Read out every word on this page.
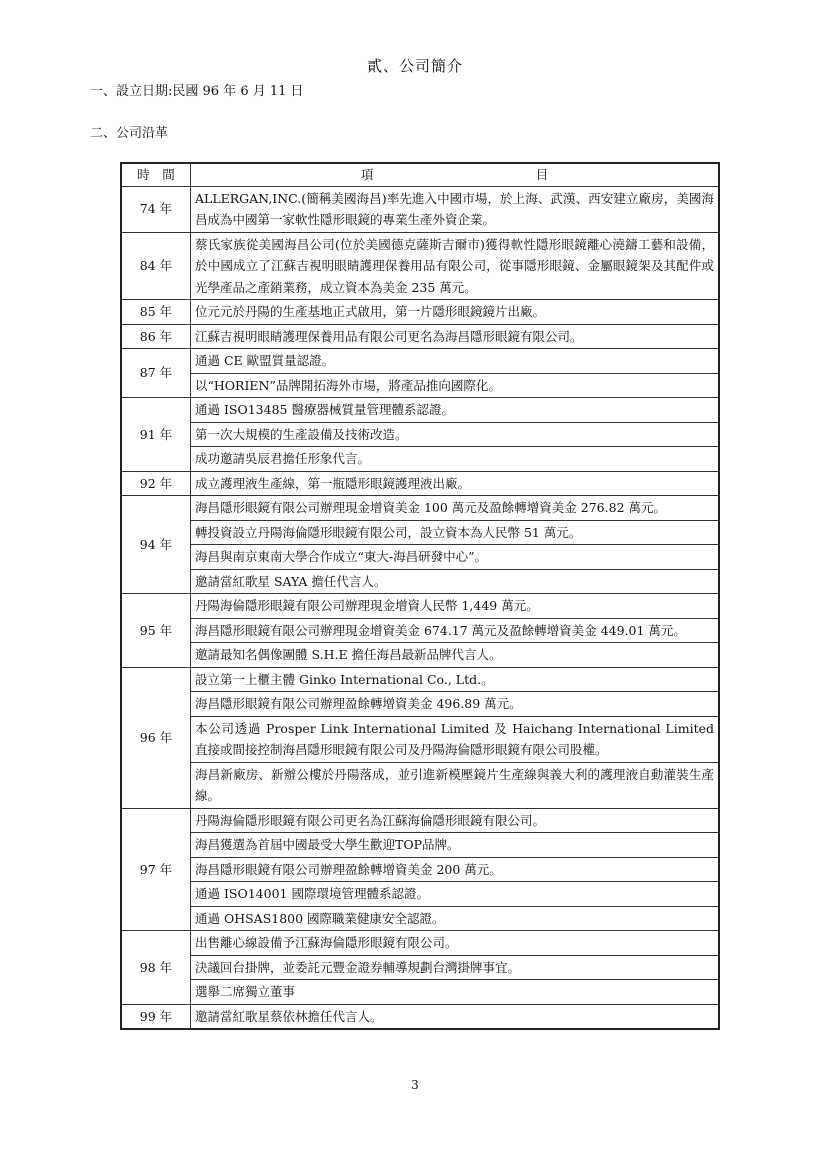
貳、公司簡介
一、設立日期:民國 96 年 6 月 11 日
二、公司沿革
時　間	項　　　　　　　　　　　　　目
74 年	ALLERGAN,INC.(簡稱美國海昌)率先進入中國市場，於上海、武漢、西安建立廠房，美國海昌成為中國第一家軟性隱形眼鏡的專業生產外資企業。
84 年	蔡氏家族從美國海昌公司(位於美國德克薩斯吉爾市)獲得軟性隱形眼鏡離心澆鑄工藝和設備，於中國成立了江蘇吉視明眼睛護理保養用品有限公司，從事隱形眼鏡、金屬眼鏡架及其配件或光學產品之產銷業務，成立資本為美金 235 萬元。
85 年	位元元於丹陽的生產基地正式啟用，第一片隱形眼鏡鏡片出廠。
86 年	江蘇吉視明眼睛護理保養用品有限公司更名為海昌隱形眼鏡有限公司。
87 年	通過 CE 歐盟質量認證。
	以“HORIEN”品牌開拓海外市場，將產品推向國際化。
91 年	通過 ISO13485 醫療器械質量管理體系認證。
	第一次大規模的生產設備及技術改造。
	成功邀請吳辰君擔任形象代言。
92 年	成立護理液生產線，第一瓶隱形眼鏡護理液出廠。
94 年	海昌隱形眼鏡有限公司辦理現金增資美金 100 萬元及盈餘轉增資美金 276.82 萬元。
	轉投資設立丹陽海倫隱形眼鏡有限公司，設立資本為人民幣 51 萬元。
	海昌與南京東南大學合作成立“東大-海昌研發中心”。
	邀請當紅歌星 SAYA 擔任代言人。
95 年	丹陽海倫隱形眼鏡有限公司辦理現金增資人民幣 1,449 萬元。
	海昌隱形眼鏡有限公司辦理現金增資美金 674.17 萬元及盈餘轉增資美金 449.01 萬元。
	邀請最知名偶像團體 S.H.E 擔任海昌最新品牌代言人。
96 年	設立第一上櫃主體 Ginko International Co., Ltd.。
	海昌隱形眼鏡有限公司辦理盈餘轉增資美金 496.89 萬元。
	本公司透過 Prosper Link International Limited 及 Haichang International Limited 直接或間接控制海昌隱形眼鏡有限公司及丹陽海倫隱形眼鏡有限公司股權。
	海昌新廠房、新辦公樓於丹陽落成，並引進新模壓鏡片生產線與義大利的護理液自動灌裝生產線。
97 年	丹陽海倫隱形眼鏡有限公司更名為江蘇海倫隱形眼鏡有限公司。
	海昌獲選為首屆中國最受大學生歡迎TOP品牌。
	海昌隱形眼鏡有限公司辦理盈餘轉增資美金 200 萬元。
	通過 ISO14001 國際環境管理體系認證。
	通過 OHSAS1800 國際職業健康安全認證。
98 年	出售離心線設備予江蘇海倫隱形眼鏡有限公司。
	決議回台掛牌，並委託元豐金證券輔導規劃台灣掛牌事宜。
	選舉二席獨立董事
99 年	邀請當紅歌星蔡依林擔任代言人。
3
